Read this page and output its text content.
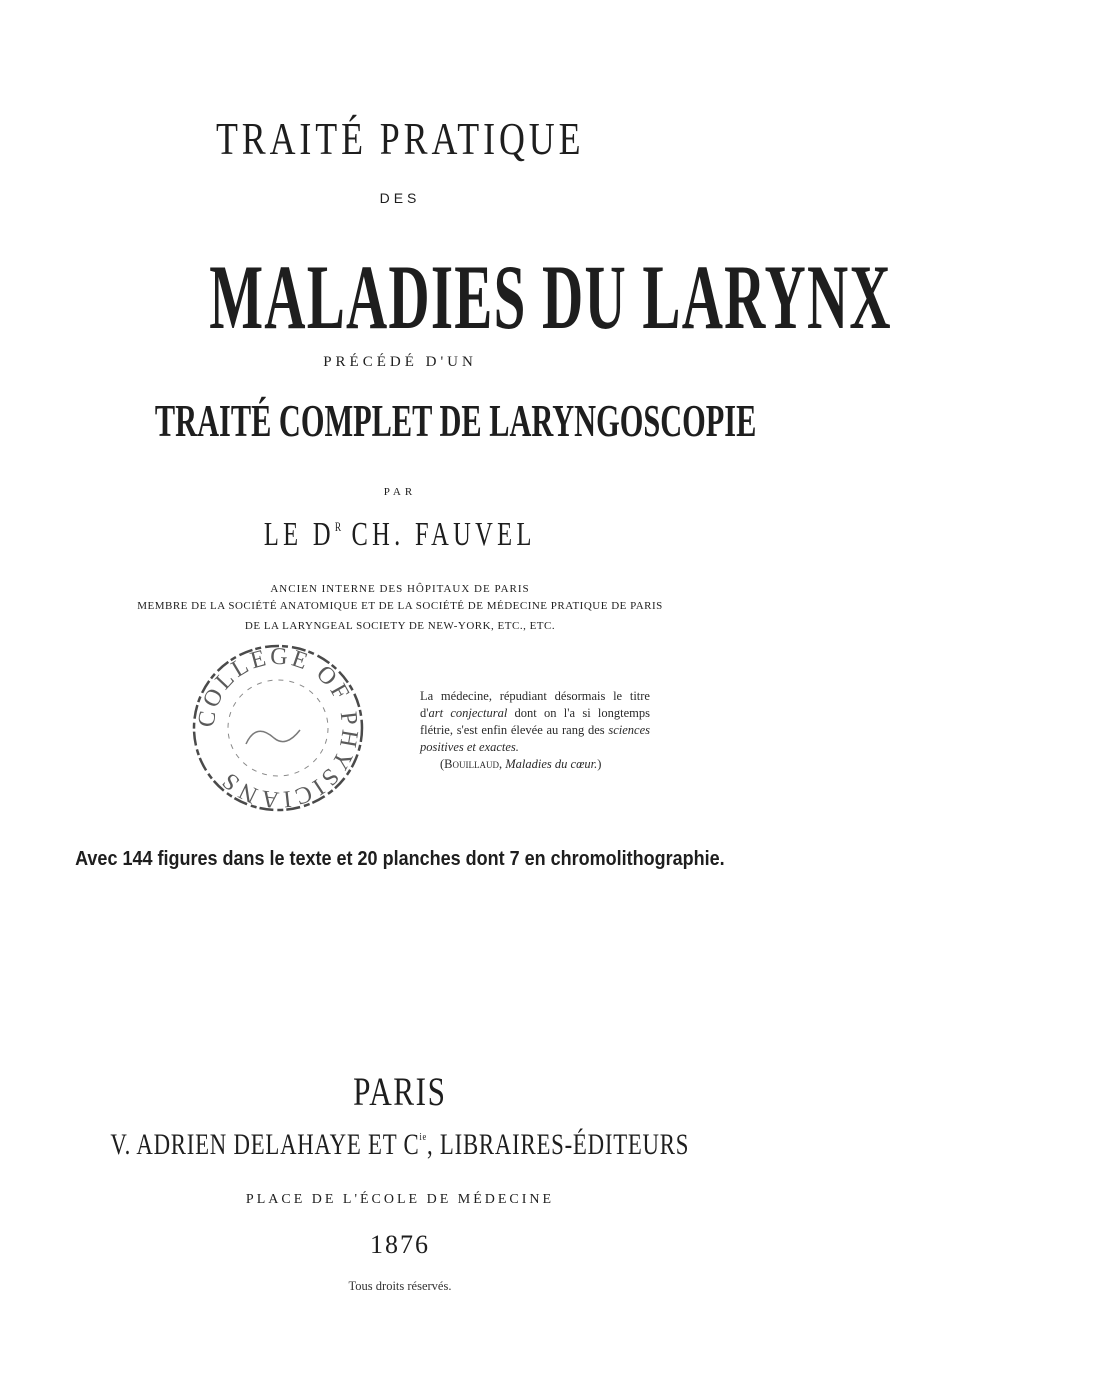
TRAITÉ PRATIQUE
DES
MALADIES DU LARYNX
PRÉCÉDÉ D'UN
TRAITÉ COMPLET DE LARYNGOSCOPIE
PAR
LE $D^R$ CH. FAUVEL
ANCIEN INTERNE DES HÔPITAUX DE PARIS
MEMBRE DE LA SOCIÉTÉ ANATOMIQUE ET DE LA SOCIÉTÉ DE MÉDECINE PRATIQUE DE PARIS
DE LA LARYNGEAL SOCIETY DE NEW-YORK, ETC., ETC.
COLLEGE OF PHYSICIANS

La médecine, répudiant désormais le titre d'art conjectural dont on l'a si longtemps flétrie, s'est enfin élevée au rang des sciences positives et exactes.

(Bouillaud, Maladies du cœur.)

Avec 144 figures dans le texte et 20 planches dont 7 en chromolithographie.
PARIS
V. ADRIEN DELAHAYE ET $C^{ie}$, LIBRAIRES-ÉDITEURS
PLACE DE L'ÉCOLE DE MÉDECINE
1876
Tous droits réservés.
